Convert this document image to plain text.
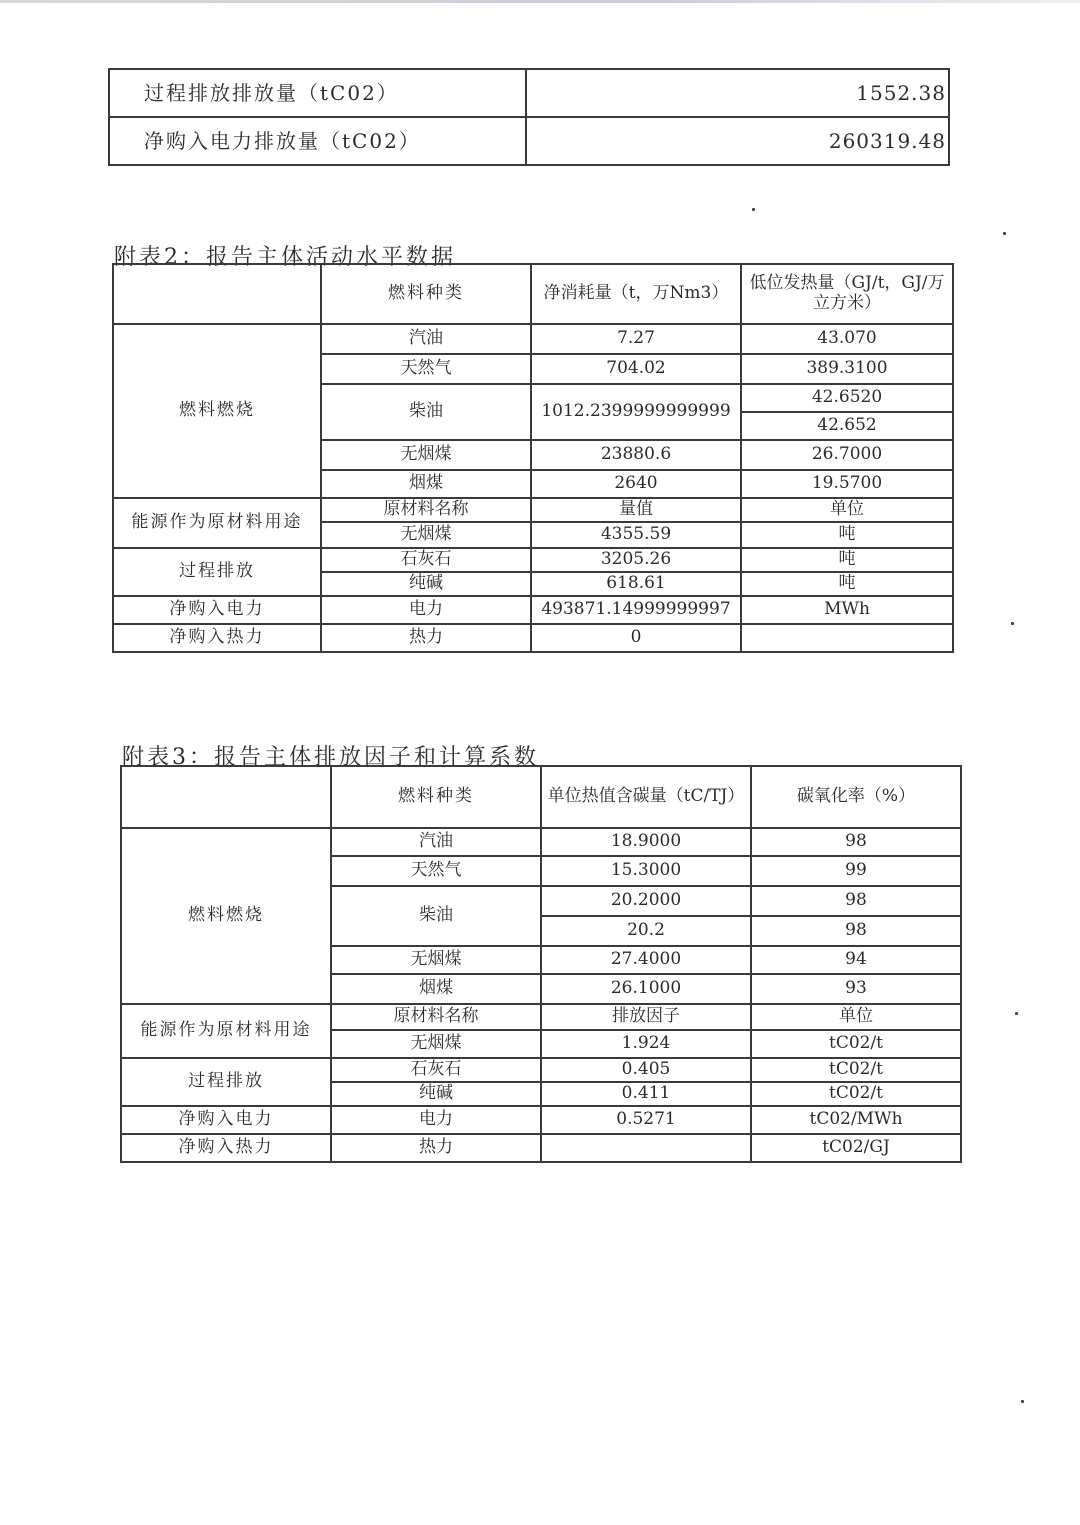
过程排放排放量（tC02）	1552.38
净购入电力排放量（tC02）	260319.48
附表2：报告主体活动水平数据
	燃料种类	净消耗量（t，万Nm3）	低位发热量（GJ/t，GJ/万立方米）
燃料燃烧	汽油	7.27	43.070
	天然气	704.02	389.3100
	柴油	1012.2399999999999	42.6520
			42.652
	无烟煤	23880.6	26.7000
	烟煤	2640	19.5700
能源作为原材料用途	原材料名称	量值	单位
	无烟煤	4355.59	吨
过程排放	石灰石	3205.26	吨
	纯碱	618.61	吨
净购入电力	电力	493871.14999999997	MWh
净购入热力	热力	0	
附表3：报告主体排放因子和计算系数
	燃料种类	单位热值含碳量（tC/TJ）	碳氧化率（%）
燃料燃烧	汽油	18.9000	98
	天然气	15.3000	99
	柴油	20.2000	98
		20.2	98
	无烟煤	27.4000	94
	烟煤	26.1000	93
能源作为原材料用途	原材料名称	排放因子	单位
	无烟煤	1.924	tC02/t
过程排放	石灰石	0.405	tC02/t
	纯碱	0.411	tC02/t
净购入电力	电力	0.5271	tC02/MWh
净购入热力	热力		tC02/GJ
